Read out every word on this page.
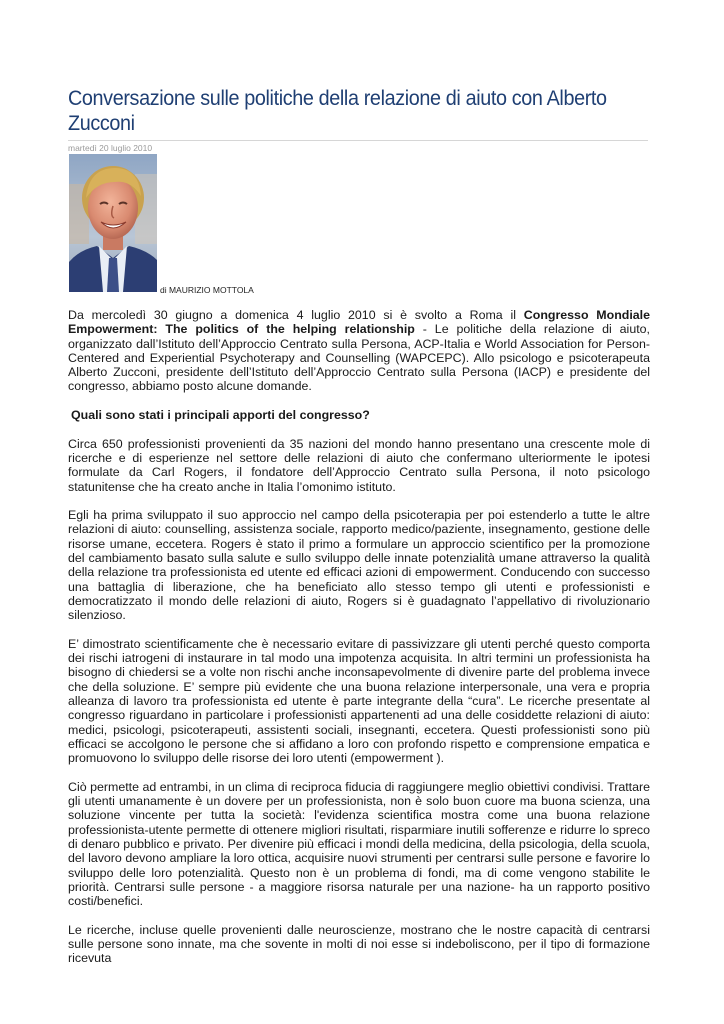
Conversazione sulle politiche della relazione di aiuto con Alberto Zucconi
martedì 20 luglio 2010
di MAURIZIO MOTTOLA

Da mercoledì 30 giugno a domenica 4 luglio 2010 si è svolto a Roma il Congresso Mondiale Empowerment: The politics of the helping relationship - Le politiche della relazione di aiuto, organizzato dall’Istituto dell’Approccio Centrato sulla Persona, ACP-Italia e World Association for Person-Centered and Experiential Psychoterapy and Counselling (WAPCEPC). Allo psicologo e psicoterapeuta Alberto Zucconi, presidente dell’Istituto dell’Approccio Centrato sulla Persona (IACP) e presidente del congresso, abbiamo posto alcune domande.

Quali sono stati i principali apporti del congresso?

Circa 650 professionisti provenienti da 35 nazioni del mondo hanno presentano una crescente mole di ricerche e di esperienze nel settore delle relazioni di aiuto che confermano ulteriormente le ipotesi formulate da Carl Rogers, il fondatore dell’Approccio Centrato sulla Persona, il noto psicologo statunitense che ha creato anche in Italia l’omonimo istituto.

Egli ha prima sviluppato il suo approccio nel campo della psicoterapia per poi estenderlo a tutte le altre relazioni di aiuto: counselling, assistenza sociale, rapporto medico/paziente, insegnamento, gestione delle risorse umane, eccetera. Rogers è stato il primo a formulare un approccio scientifico per la promozione del cambiamento basato sulla salute e sullo sviluppo delle innate potenzialità umane attraverso la qualità della relazione tra professionista ed utente ed efficaci azioni di empowerment. Conducendo con successo una battaglia di liberazione, che ha beneficiato allo stesso tempo gli utenti e professionisti e democratizzato il mondo delle relazioni di aiuto, Rogers si è guadagnato l’appellativo di rivoluzionario silenzioso.

E’ dimostrato scientificamente che è necessario evitare di passivizzare gli utenti perché questo comporta dei rischi iatrogeni di instaurare in tal modo una impotenza acquisita. In altri termini un professionista ha bisogno di chiedersi se a volte non rischi anche inconsapevolmente di divenire parte del problema invece che della soluzione. E’ sempre più evidente che una buona relazione interpersonale, una vera e propria alleanza di lavoro tra professionista ed utente è parte integrante della “cura”. Le ricerche presentate al congresso riguardano in particolare i professionisti appartenenti ad una delle cosiddette relazioni di aiuto: medici, psicologi, psicoterapeuti, assistenti sociali, insegnanti, eccetera. Questi professionisti sono più efficaci se accolgono le persone che si affidano a loro con profondo rispetto e comprensione empatica e promuovono lo sviluppo delle risorse dei loro utenti (empowerment ).

Ciò permette ad entrambi, in un clima di reciproca fiducia di raggiungere meglio obiettivi condivisi. Trattare gli utenti umanamente è un dovere per un professionista, non è solo buon cuore ma buona scienza, una soluzione vincente per tutta la società: l'evidenza scientifica mostra come una buona relazione professionista-utente permette di ottenere migliori risultati, risparmiare inutili sofferenze e ridurre lo spreco di denaro pubblico e privato. Per divenire più efficaci i mondi della medicina, della psicologia, della scuola, del lavoro devono ampliare la loro ottica, acquisire nuovi strumenti per centrarsi sulle persone e favorire lo sviluppo delle loro potenzialità. Questo non è un problema di fondi, ma di come vengono stabilite le priorità. Centrarsi sulle persone - a maggiore risorsa naturale per una nazione- ha un rapporto positivo costi/benefici.

Le ricerche, incluse quelle provenienti dalle neuroscienze, mostrano che le nostre capacità di centrarsi sulle persone sono innate, ma che sovente in molti di noi esse si indeboliscono, per il tipo di formazione ricevuta
